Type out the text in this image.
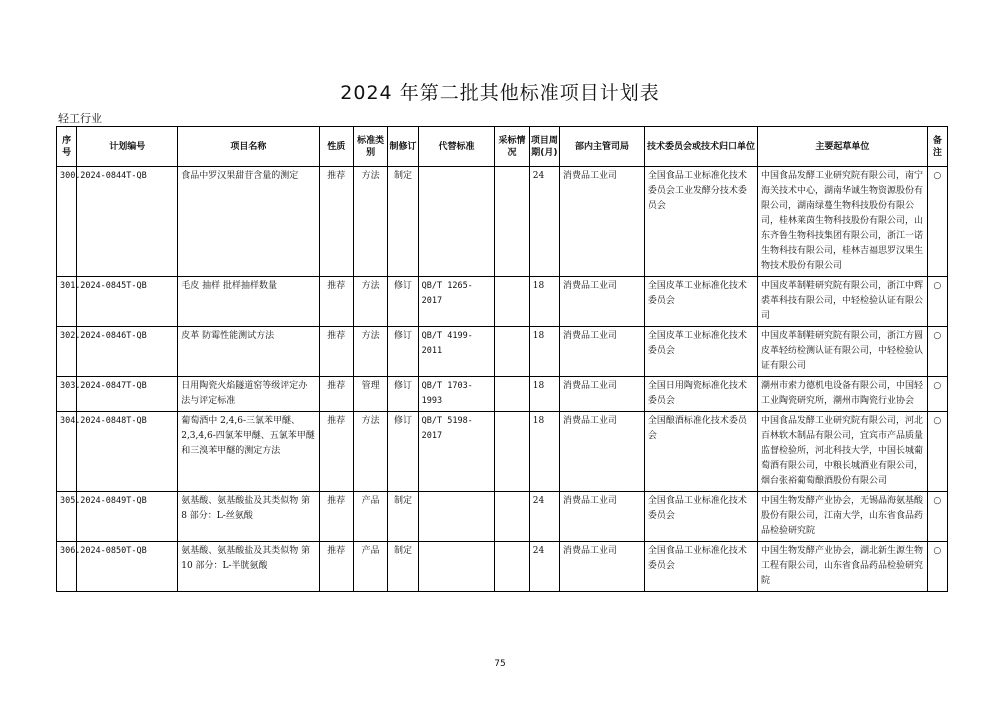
2024 年第二批其他标准项目计划表
轻工行业
序号	计划编号	项目名称	性质	标准类别	制修订	代替标准	采标情况	项目周期(月)	部内主管司局	技术委员会或技术归口单位	主要起草单位	备注
300.	2024-0844T-QB	食品中罗汉果甜苷含量的测定	推荐	方法	制定			24	消费品工业司	全国食品工业标准化技术委员会工业发酵分技术委员会	中国食品发酵工业研究院有限公司，南宁海关技术中心，湖南华诚生物资源股份有限公司，湖南绿蔓生物科技股份有限公司，桂林莱茵生物科技股份有限公司，山东齐鲁生物科技集团有限公司，浙江一诺生物科技有限公司，桂林吉福思罗汉果生物技术股份有限公司	○
301.	2024-0845T-QB	毛皮 抽样 批样抽样数量	推荐	方法	修订	QB/T 1265-2017		18	消费品工业司	全国皮革工业标准化技术委员会	中国皮革制鞋研究院有限公司，浙江中辉裘革科技有限公司，中轻检验认证有限公司	○
302.	2024-0846T-QB	皮革 防霉性能测试方法	推荐	方法	修订	QB/T 4199-2011		18	消费品工业司	全国皮革工业标准化技术委员会	中国皮革制鞋研究院有限公司，浙江方圆皮革轻纺检测认证有限公司，中轻检验认证有限公司	○
303.	2024-0847T-QB	日用陶瓷火焰隧道窑等级评定办法与评定标准	推荐	管理	修订	QB/T 1703-1993		18	消费品工业司	全国日用陶瓷标准化技术委员会	潮州市索力德机电设备有限公司，中国轻工业陶瓷研究所，潮州市陶瓷行业协会	○
304.	2024-0848T-QB	葡萄酒中 2,4,6-三氯苯甲醚、2,3,4,6-四氯苯甲醚、五氯苯甲醚和三溴苯甲醚的测定方法	推荐	方法	修订	QB/T 5198-2017		18	消费品工业司	全国酿酒标准化技术委员会	中国食品发酵工业研究院有限公司，河北百林软木制品有限公司，宜宾市产品质量监督检验所，河北科技大学，中国长城葡萄酒有限公司，中粮长城酒业有限公司，烟台张裕葡萄酿酒股份有限公司	○
305.	2024-0849T-QB	氨基酸、氨基酸盐及其类似物 第 8 部分：L-丝氨酸	推荐	产品	制定			24	消费品工业司	全国食品工业标准化技术委员会	中国生物发酵产业协会，无锡晶海氨基酸股份有限公司，江南大学，山东省食品药品检验研究院	○
306.	2024-0850T-QB	氨基酸、氨基酸盐及其类似物 第 10 部分：L-半胱氨酸	推荐	产品	制定			24	消费品工业司	全国食品工业标准化技术委员会	中国生物发酵产业协会，湖北新生源生物工程有限公司，山东省食品药品检验研究院	○
75
